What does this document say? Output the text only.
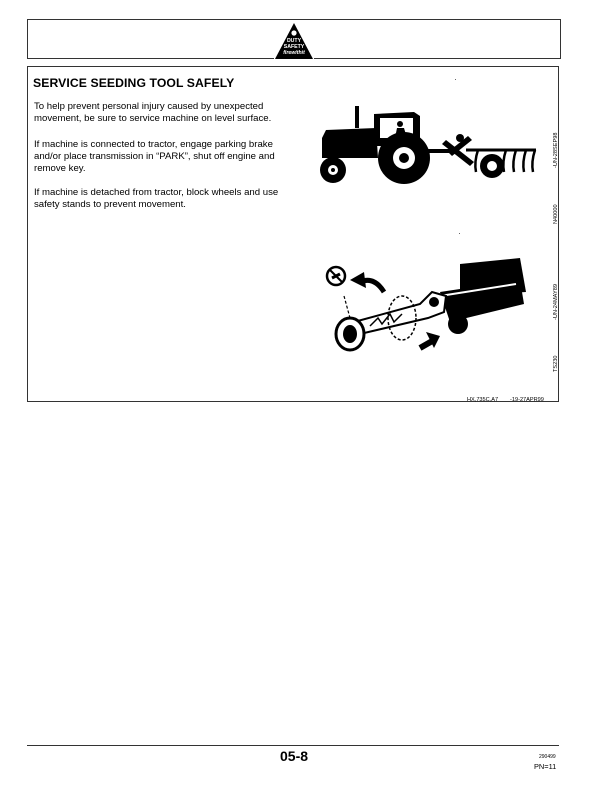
DUTY
SAFETY
firewithit
SERVICE SEEDING TOOL SAFELY

To help prevent personal injury caused by unexpected movement, be sure to service machine on level surface.

If machine is connected to tractor, engage parking brake and/or place transmission in “PARK”, shut off engine and remove key.

If machine is detached from tractor, block wheels and use safety stands to prevent movement.

-UN-28SEP98
N40000
-UN-24MAY89
TS230
HX,735C,A7 -19-27APR99
05-8	290499
PN=11
